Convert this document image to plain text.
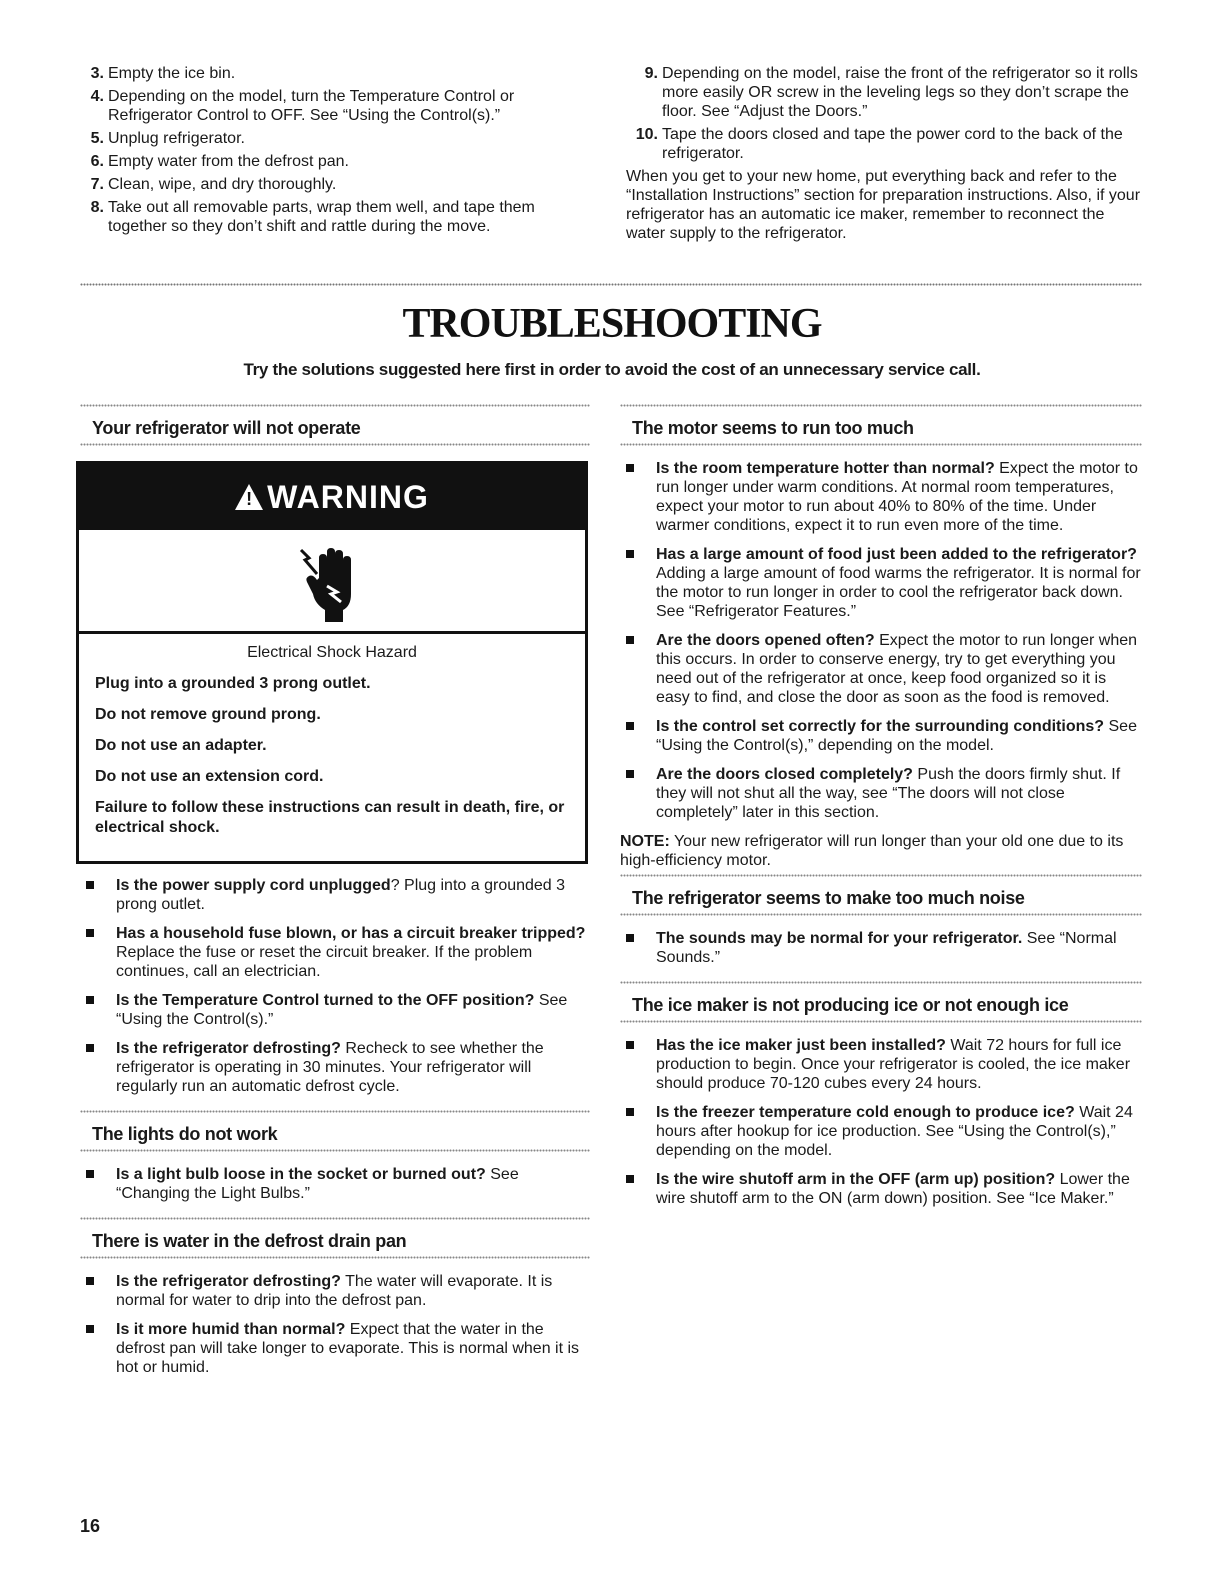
3. Empty the ice bin.
4. Depending on the model, turn the Temperature Control or Refrigerator Control to OFF. See “Using the Control(s).”
5. Unplug refrigerator.
6. Empty water from the defrost pan.
7. Clean, wipe, and dry thoroughly.
8. Take out all removable parts, wrap them well, and tape them together so they don’t shift and rattle during the move.
9. Depending on the model, raise the front of the refrigerator so it rolls more easily OR screw in the leveling legs so they don’t scrape the floor. See “Adjust the Doors.”
10. Tape the doors closed and tape the power cord to the back of the refrigerator.

When you get to your new home, put everything back and refer to the “Installation Instructions” section for preparation instructions. Also, if your refrigerator has an automatic ice maker, remember to reconnect the water supply to the refrigerator.

TROUBLESHOOTING

Try the solutions suggested here first in order to avoid the cost of an unnecessary service call.

Your refrigerator will not operate
!WARNING
Electrical Shock Hazard
Plug into a grounded 3 prong outlet.
Do not remove ground prong.
Do not use an adapter.
Do not use an extension cord.
Failure to follow these instructions can result in death, fire, or electrical shock.
Is the power supply cord unplugged? Plug into a grounded 3 prong outlet.
Has a household fuse blown, or has a circuit breaker tripped? Replace the fuse or reset the circuit breaker. If the problem continues, call an electrician.
Is the Temperature Control turned to the OFF position? See “Using the Control(s).”
Is the refrigerator defrosting? Recheck to see whether the refrigerator is operating in 30 minutes. Your refrigerator will regularly run an automatic defrost cycle.
The lights do not work
Is a light bulb loose in the socket or burned out? See “Changing the Light Bulbs.”
There is water in the defrost drain pan
Is the refrigerator defrosting? The water will evaporate. It is normal for water to drip into the defrost pan.
Is it more humid than normal? Expect that the water in the defrost pan will take longer to evaporate. This is normal when it is hot or humid.
The motor seems to run too much
Is the room temperature hotter than normal? Expect the motor to run longer under warm conditions. At normal room temperatures, expect your motor to run about 40% to 80% of the time. Under warmer conditions, expect it to run even more of the time.
Has a large amount of food just been added to the refrigerator? Adding a large amount of food warms the refrigerator. It is normal for the motor to run longer in order to cool the refrigerator back down. See “Refrigerator Features.”
Are the doors opened often? Expect the motor to run longer when this occurs. In order to conserve energy, try to get everything you need out of the refrigerator at once, keep food organized so it is easy to find, and close the door as soon as the food is removed.
Is the control set correctly for the surrounding conditions? See “Using the Control(s),” depending on the model.
Are the doors closed completely? Push the doors firmly shut. If they will not shut all the way, see “The doors will not close completely” later in this section.

NOTE: Your new refrigerator will run longer than your old one due to its high-efficiency motor.

The refrigerator seems to make too much noise
The sounds may be normal for your refrigerator. See “Normal Sounds.”
The ice maker is not producing ice or not enough ice
Has the ice maker just been installed? Wait 72 hours for full ice production to begin. Once your refrigerator is cooled, the ice maker should produce 70-120 cubes every 24 hours.
Is the freezer temperature cold enough to produce ice? Wait 24 hours after hookup for ice production. See “Using the Control(s),” depending on the model.
Is the wire shutoff arm in the OFF (arm up) position? Lower the wire shutoff arm to the ON (arm down) position. See “Ice Maker.”
16
